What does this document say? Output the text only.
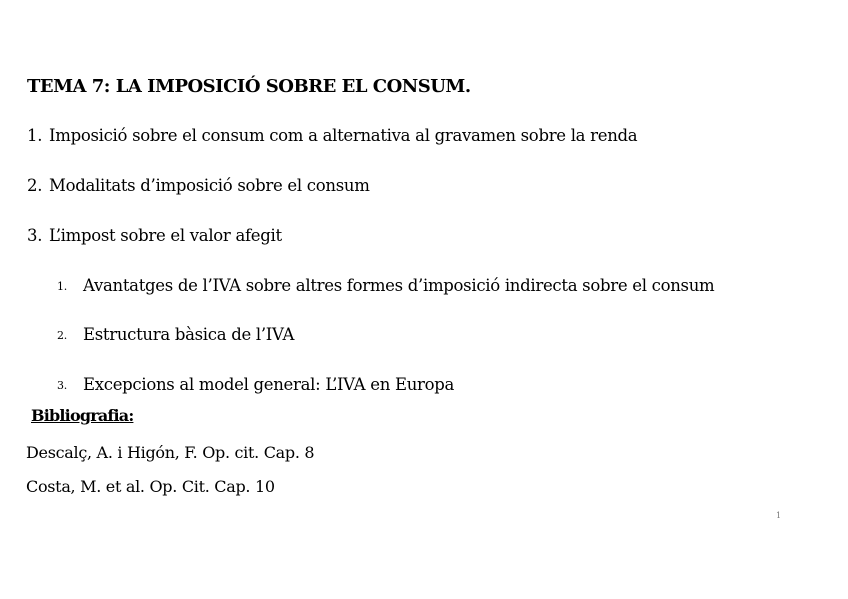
TEMA 7: LA IMPOSICIÓ SOBRE EL CONSUM.
1. Imposició sobre el consum com a alternativa al gravamen sobre la renda
2. Modalitats d’imposició sobre el consum
3. L’impost sobre el valor afegit
1. Avantatges de l’IVA sobre altres formes d’imposició indirecta sobre el consum
2. Estructura bàsica de l’IVA
3. Excepcions al model general: L’IVA en Europa
Bibliografia:
Descalç, A. i Higón, F. Op. cit. Cap. 8
Costa, M. et al. Op. Cit. Cap. 10
1
